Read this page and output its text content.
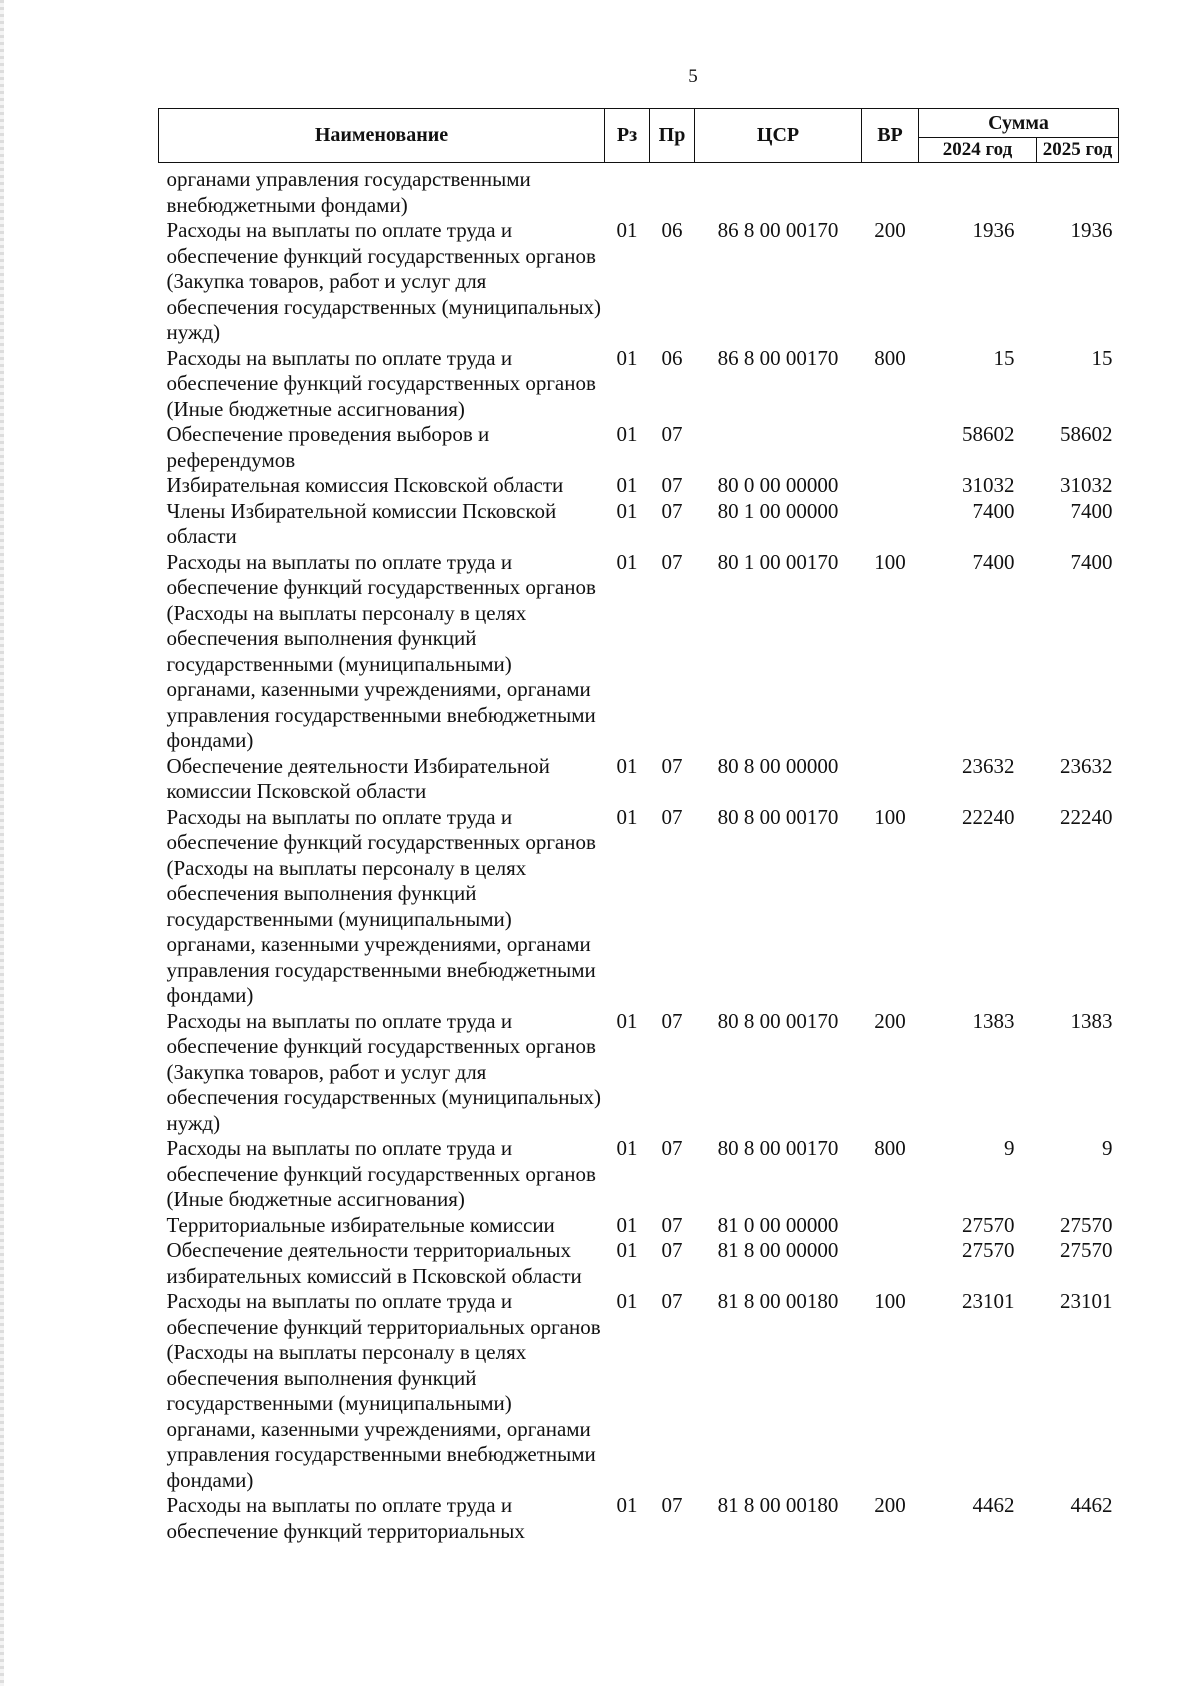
5
Наименование	Рз	Пр	ЦСР	ВР	Сумма	
					2024 год	2025 год
органами управления государственными внебюджетными фондами)						
Расходы на выплаты по оплате труда и обеспечение функций государственных органов (Закупка товаров, работ и услуг для обеспечения государственных (муниципальных) нужд)	01	06	86 8 00 00170	200	1936	1936
Расходы на выплаты по оплате труда и обеспечение функций государственных органов (Иные бюджетные ассигнования)	01	06	86 8 00 00170	800	15	15
Обеспечение проведения выборов и референдумов	01	07			58602	58602
Избирательная комиссия Псковской области	01	07	80 0 00 00000		31032	31032
Члены Избирательной комиссии Псковской области	01	07	80 1 00 00000		7400	7400
Расходы на выплаты по оплате труда и обеспечение функций государственных органов (Расходы на выплаты персоналу в целях обеспечения выполнения функций государственными (муниципальными) органами, казенными учреждениями, органами управления государственными внебюджетными фондами)	01	07	80 1 00 00170	100	7400	7400
Обеспечение деятельности Избирательной комиссии Псковской области	01	07	80 8 00 00000		23632	23632
Расходы на выплаты по оплате труда и обеспечение функций государственных органов (Расходы на выплаты персоналу в целях обеспечения выполнения функций государственными (муниципальными) органами, казенными учреждениями, органами управления государственными внебюджетными фондами)	01	07	80 8 00 00170	100	22240	22240
Расходы на выплаты по оплате труда и обеспечение функций государственных органов (Закупка товаров, работ и услуг для обеспечения государственных (муниципальных) нужд)	01	07	80 8 00 00170	200	1383	1383
Расходы на выплаты по оплате труда и обеспечение функций государственных органов (Иные бюджетные ассигнования)	01	07	80 8 00 00170	800	9	9
Территориальные избирательные комиссии	01	07	81 0 00 00000		27570	27570
Обеспечение деятельности территориальных избирательных комиссий в Псковской области	01	07	81 8 00 00000		27570	27570
Расходы на выплаты по оплате труда и обеспечение функций территориальных органов (Расходы на выплаты персоналу в целях обеспечения выполнения функций государственными (муниципальными) органами, казенными учреждениями, органами управления государственными внебюджетными фондами)	01	07	81 8 00 00180	100	23101	23101
Расходы на выплаты по оплате труда и обеспечение функций территориальных	01	07	81 8 00 00180	200	4462	4462
